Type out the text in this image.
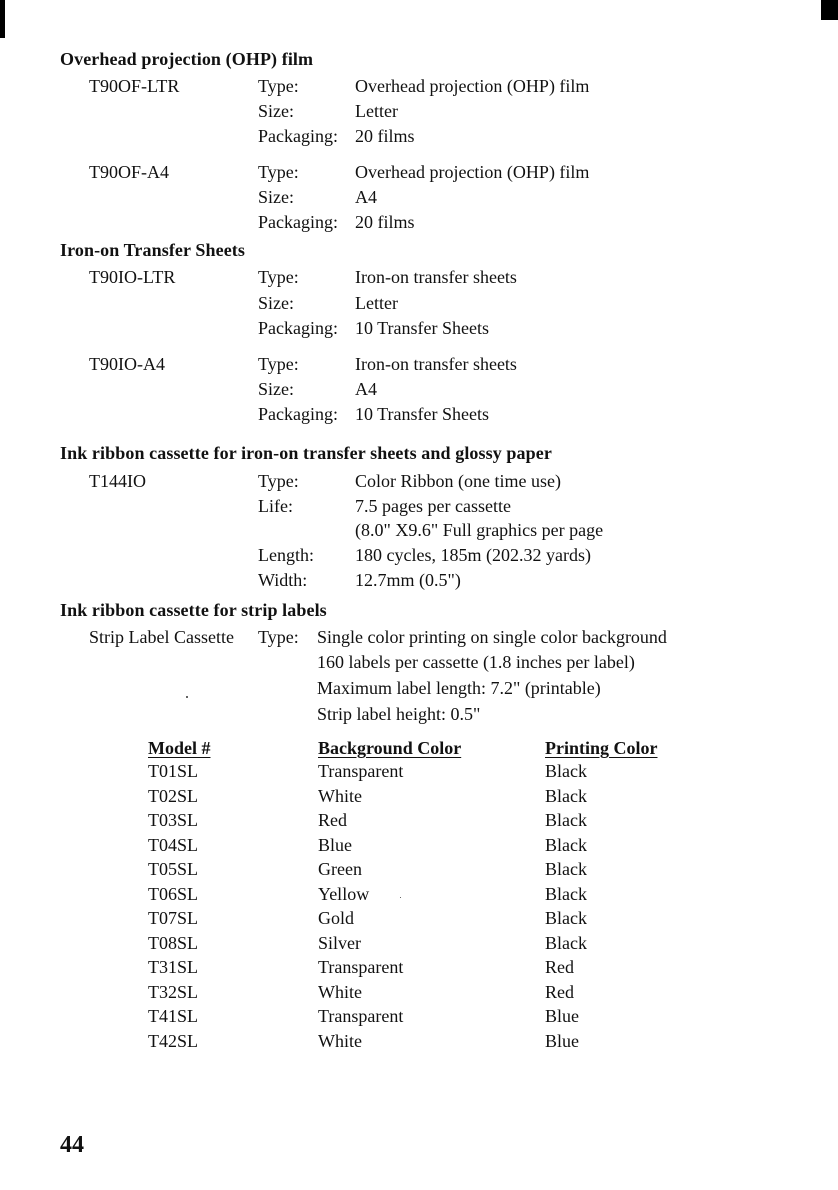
Overhead projection (OHP) film
T90OF-LTR	Type:	Overhead projection (OHP) film
Size:	Letter
Packaging: 20 films
T90OF-A4	Type:	Overhead projection (OHP) film
Size:	A4
Packaging: 20 films
Iron-on Transfer Sheets
T90IO-LTR	Type:	Iron-on transfer sheets
Size:	Letter
Packaging: 10 Transfer Sheets
T90IO-A4	Type:	Iron-on transfer sheets
Size:	A4
Packaging: 10 Transfer Sheets
Ink ribbon cassette for iron-on transfer sheets and glossy paper
T144IO	Type:	Color Ribbon (one time use)
Life:	7.5 pages per cassette
(8.0" X9.6" Full graphics per page
Length: 180 cycles, 185m (202.32 yards)
Width:	12.7mm (0.5")
Ink ribbon cassette for strip labels
Strip Label Cassette Type: Single color printing on single color background
160 labels per cassette (1.8 inches per label)
Maximum label length: 7.2" (printable)
Strip label height: 0.5"
Model #	Background Color	Printing Color
T01SL	Transparent	Black
T02SL	White	Black
T03SL	Red	Black
T04SL	Blue	Black
T05SL	Green	Black
T06SL	Yellow	Black
T07SL	Gold	Black
T08SL	Silver	Black
T31SL	Transparent	Red
T32SL	White	Red
T41SL	Transparent	Blue
T42SL	White	Blue
44
